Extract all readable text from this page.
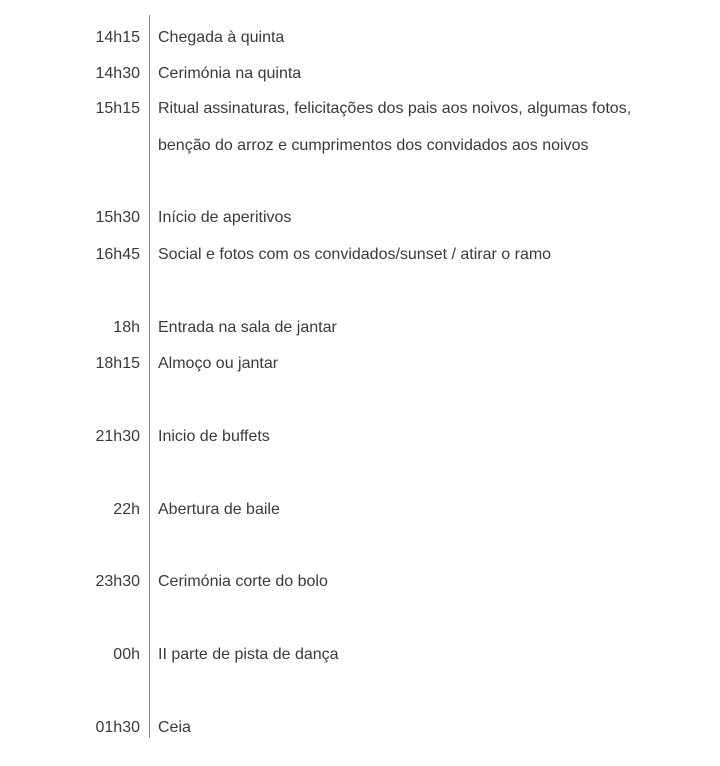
14h15 Chegada à quinta
14h30 Cerimónia na quinta
15h15 Ritual assinaturas, felicitações dos pais aos noivos, algumas fotos,
benção do arroz e cumprimentos dos convidados aos noivos
15h30 Início de aperitivos
16h45 Social e fotos com os convidados/sunset / atirar o ramo
18h Entrada na sala de jantar
18h15 Almoço ou jantar
21h30 Inicio de buffets
22h Abertura de baile
23h30 Cerimónia corte do bolo
00h II parte de pista de dança
01h30 Ceia
